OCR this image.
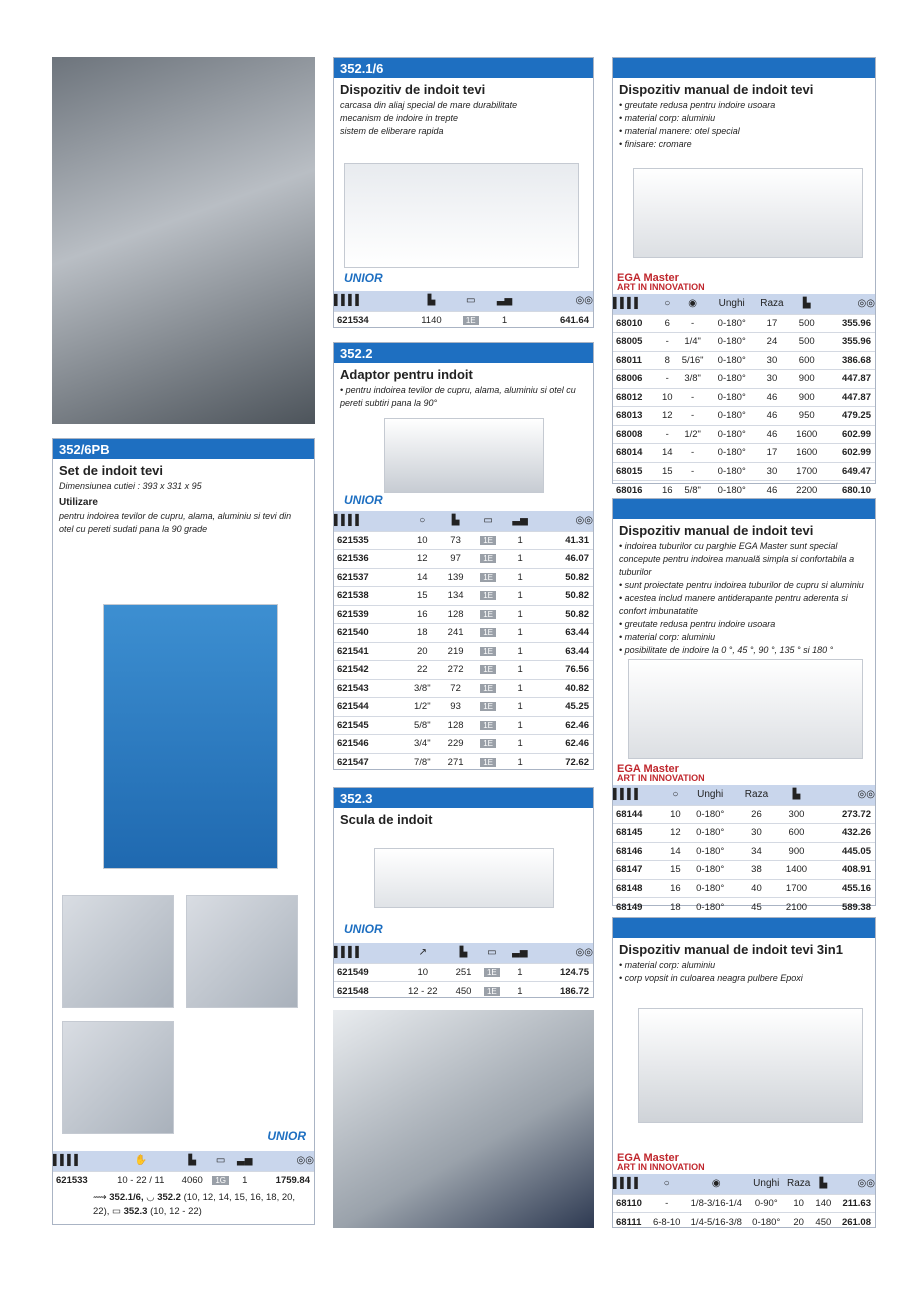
352/6PB
Set de indoit tevi
Dimensiunea cutiei : 393 x 331 x 95
Utilizare
pentru indoirea tevilor de cupru, alama, aluminiu si tevi din otel cu pereti sudati pana la 90 grade
UNIOR
▌▌▌▌	✋	▙	▭	▃▅	◎◎
621533	10 - 22 / 11	4060	1G	1	1759.84
⟿ 352.1/6, ◡ 352.2 (10, 12, 14, 15, 16, 18, 20, 22), ▭ 352.3 (10, 12 - 22)
352.1/6
Dispozitiv de indoit tevi
carcasa din aliaj special de mare durabilitate
mecanism de indoire in trepte
sistem de eliberare rapida
UNIOR
▌▌▌▌	▙	▭	▃▅	◎◎
621534	1140	1E	1	641.64
352.2
Adaptor pentru indoit
• pentru indoirea tevilor de cupru, alama, aluminiu si otel cu pereti subtiri pana la 90°
UNIOR
▌▌▌▌	○	▙	▭	▃▅	◎◎
621535	10	73	1E	1	41.31
621536	12	97	1E	1	46.07
621537	14	139	1E	1	50.82
621538	15	134	1E	1	50.82
621539	16	128	1E	1	50.82
621540	18	241	1E	1	63.44
621541	20	219	1E	1	63.44
621542	22	272	1E	1	76.56
621543	3/8"	72	1E	1	40.82
621544	1/2"	93	1E	1	45.25
621545	5/8"	128	1E	1	62.46
621546	3/4"	229	1E	1	62.46
621547	7/8"	271	1E	1	72.62
352.3
Scula de indoit
UNIOR
▌▌▌▌	↗	▙	▭	▃▅	◎◎
621549	10	251	1E	1	124.75
621548	12 - 22	450	1E	1	186.72
Dispozitiv manual de indoit tevi
• greutate redusa pentru indoire usoara
• material corp: aluminiu
• material manere: otel special
• finisare: cromare
EGA Master
ART IN INNOVATION
▌▌▌▌	○	◉	Unghi	Raza	▙	◎◎
68010	6	-	0-180°	17	500	355.96
68005	-	1/4"	0-180°	24	500	355.96
68011	8	5/16"	0-180°	30	600	386.68
68006	-	3/8"	0-180°	30	900	447.87
68012	10	-	0-180°	46	900	447.87
68013	12	-	0-180°	46	950	479.25
68008	-	1/2"	0-180°	46	1600	602.99
68014	14	-	0-180°	17	1600	602.99
68015	15	-	0-180°	30	1700	649.47
68016	16	5/8"	0-180°	46	2200	680.10
Dispozitiv manual de indoit tevi
• indoirea tuburilor cu parghie EGA Master sunt special concepute pentru indoirea manuală simpla si confortabila a tuburilor
• sunt proiectate pentru indoirea tuburilor de cupru si aluminiu
• acestea includ manere antiderapante pentru aderenta si confort imbunatatite
• greutate redusa pentru indoire usoara
• material corp: aluminiu
• posibilitate de indoire la 0 °, 45 °, 90 °, 135 ° si 180 °
EGA Master
ART IN INNOVATION
▌▌▌▌	○	Unghi	Raza	▙	◎◎
68144	10	0-180°	26	300	273.72
68145	12	0-180°	30	600	432.26
68146	14	0-180°	34	900	445.05
68147	15	0-180°	38	1400	408.91
68148	16	0-180°	40	1700	455.16
68149	18	0-180°	45	2100	589.38
Dispozitiv manual de indoit tevi 3in1
• material corp: aluminiu
• corp vopsit in culoarea neagra pulbere Epoxi
EGA Master
ART IN INNOVATION
▌▌▌▌	○	◉	Unghi	Raza	▙	◎◎
68110	-	1/8-3/16-1/4	0-90°	10	140	211.63
68111	6-8-10	1/4-5/16-3/8	0-180°	20	450	261.08
